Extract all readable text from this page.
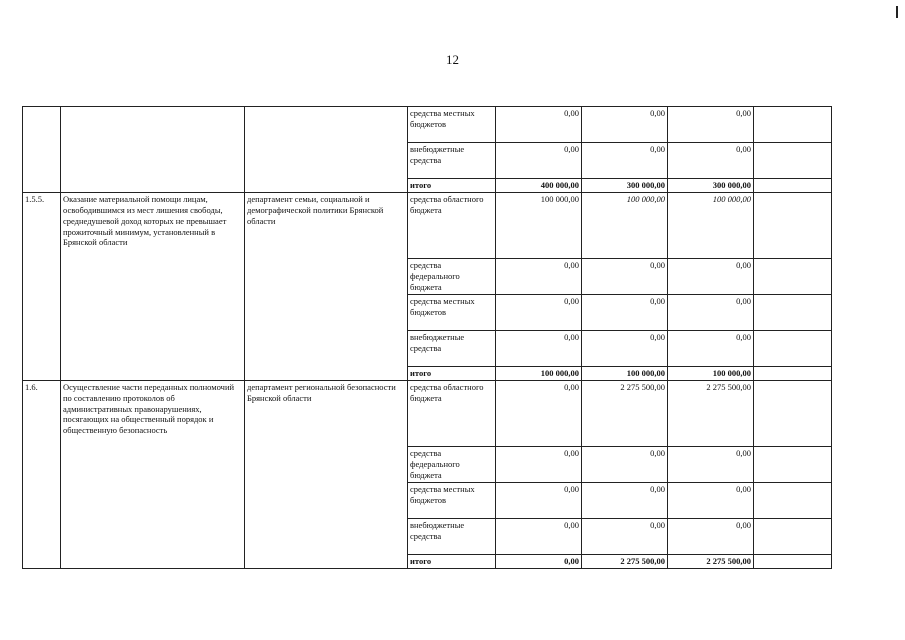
12
			средства местных бюджетов	0,00	0,00	0,00	
			внебюджетные средства	0,00	0,00	0,00	
			итого	400 000,00	300 000,00	300 000,00	
1.5.5.	Оказание материальной помощи лицам, освободившимся из мест лишения свободы, среднедушевой доход которых не превышает прожиточный минимум, установленный в Брянской области	департамент семьи, социальной и демографической политики Брянской области	средства областного бюджета	100 000,00	100 000,00	100 000,00	
			средства федерального бюджета	0,00	0,00	0,00	
			средства местных бюджетов	0,00	0,00	0,00	
			внебюджетные средства	0,00	0,00	0,00	
			итого	100 000,00	100 000,00	100 000,00	
1.6.	Осуществление части переданных полномочий по составлению протоколов об административных правонарушениях, посягающих на общественный порядок и общественную безопасность	департамент региональной безопасности Брянской области	средства областного бюджета	0,00	2 275 500,00	2 275 500,00	
			средства федерального бюджета	0,00	0,00	0,00	
			средства местных бюджетов	0,00	0,00	0,00	
			внебюджетные средства	0,00	0,00	0,00	
			итого	0,00	2 275 500,00	2 275 500,00	
